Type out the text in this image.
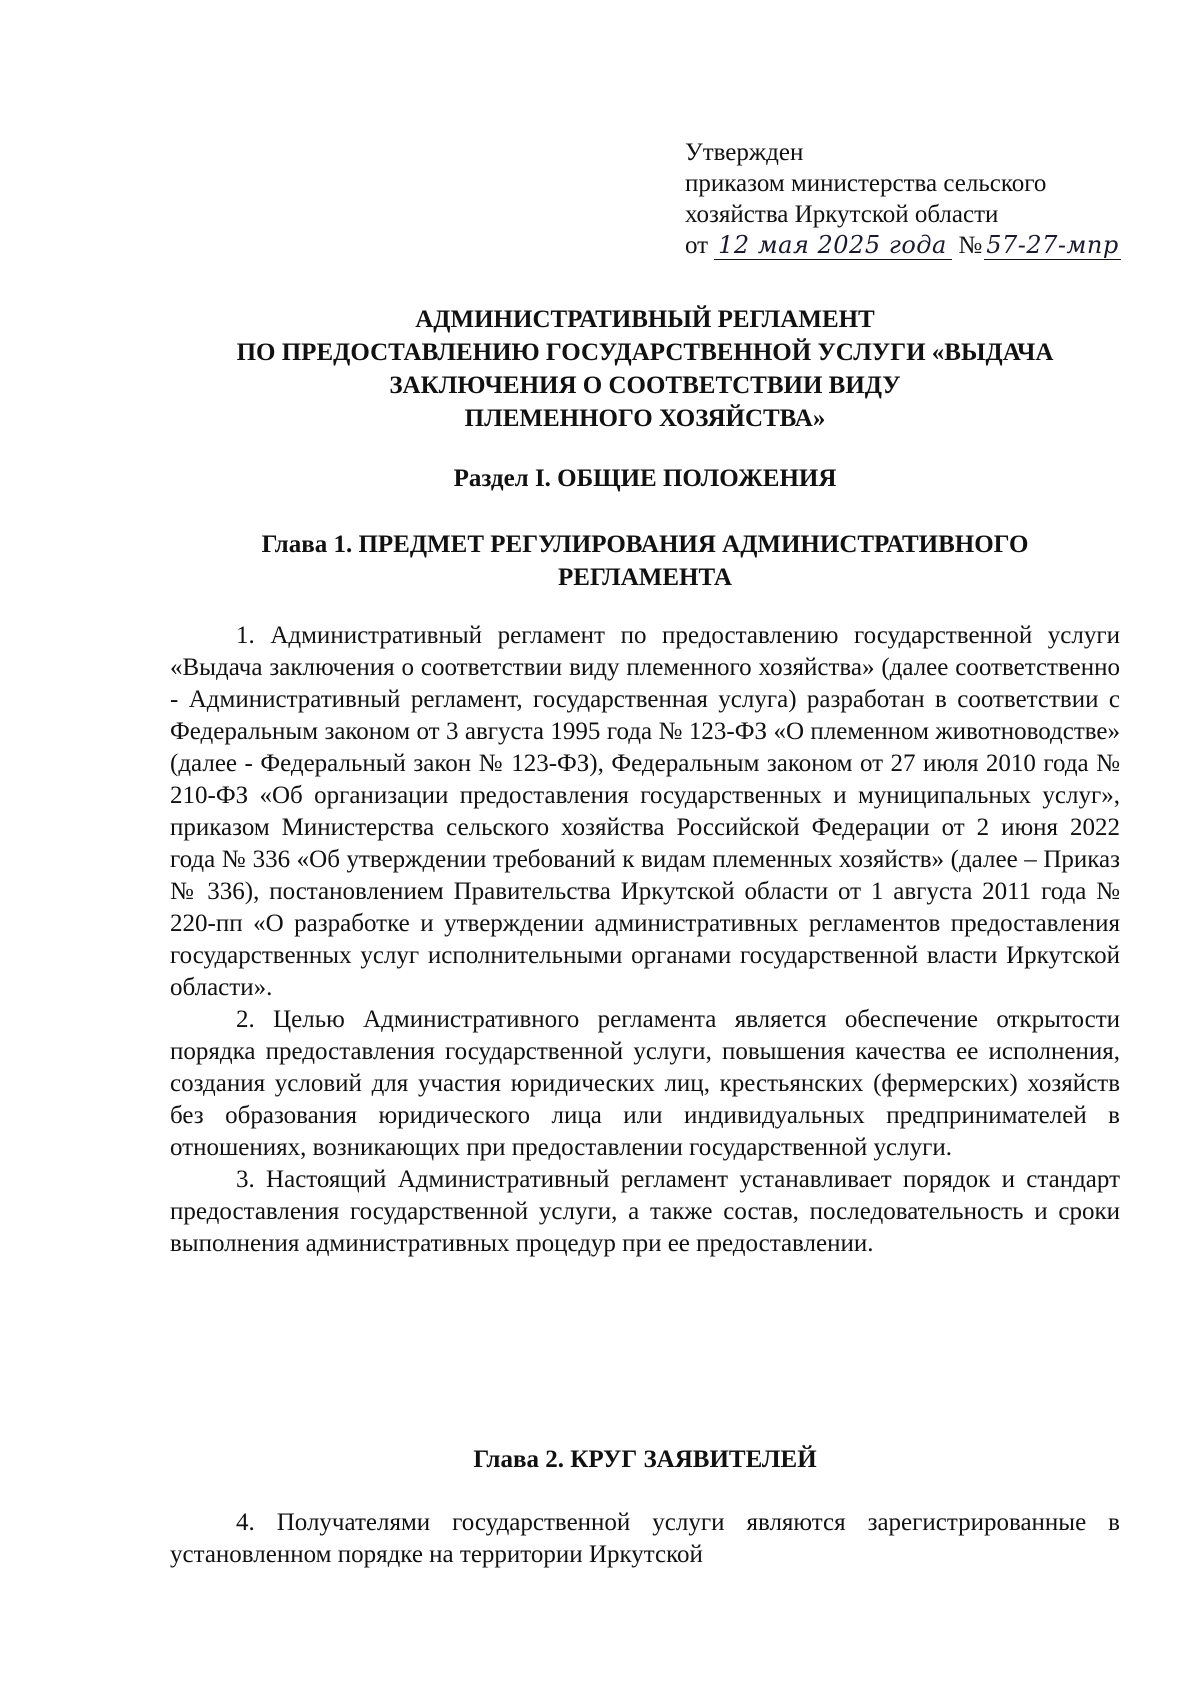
Утвержден
приказом министерства сельского
хозяйства Иркутской области
от 12 мая 2025 года № 57-27-мпр
АДМИНИСТРАТИВНЫЙ РЕГЛАМЕНТ
ПО ПРЕДОСТАВЛЕНИЮ ГОСУДАРСТВЕННОЙ УСЛУГИ «ВЫДАЧА
ЗАКЛЮЧЕНИЯ О СООТВЕТСТВИИ ВИДУ
ПЛЕМЕННОГО ХОЗЯЙСТВА»
Раздел I. ОБЩИЕ ПОЛОЖЕНИЯ
Глава 1. ПРЕДМЕТ РЕГУЛИРОВАНИЯ АДМИНИСТРАТИВНОГО
РЕГЛАМЕНТА

1. Административный регламент по предоставлению государственной услуги «Выдача заключения о соответствии виду племенного хозяйства» (далее соответственно - Административный регламент, государственная услуга) разработан в соответствии с Федеральным законом от 3 августа 1995 года № 123-ФЗ «О племенном животноводстве» (далее - Федеральный закон № 123-ФЗ), Федеральным законом от 27 июля 2010 года № 210-ФЗ «Об организации предоставления государственных и муниципальных услуг», приказом Министерства сельского хозяйства Российской Федерации от 2 июня 2022 года № 336 «Об утверждении требований к видам племенных хозяйств» (далее – Приказ № 336), постановлением Правительства Иркутской области от 1 августа 2011 года № 220-пп «О разработке и утверждении административных регламентов предоставления государственных услуг исполнительными органами государственной власти Иркутской области».

2. Целью Административного регламента является обеспечение открытости порядка предоставления государственной услуги, повышения качества ее исполнения, создания условий для участия юридических лиц, крестьянских (фермерских) хозяйств без образования юридического лица или индивидуальных предпринимателей в отношениях, возникающих при предоставлении государственной услуги.

3. Настоящий Административный регламент устанавливает порядок и стандарт предоставления государственной услуги, а также состав, последовательность и сроки выполнения административных процедур при ее предоставлении.

Глава 2. КРУГ ЗАЯВИТЕЛЕЙ

4. Получателями государственной услуги являются зарегистрированные в установленном порядке на территории Иркутской
